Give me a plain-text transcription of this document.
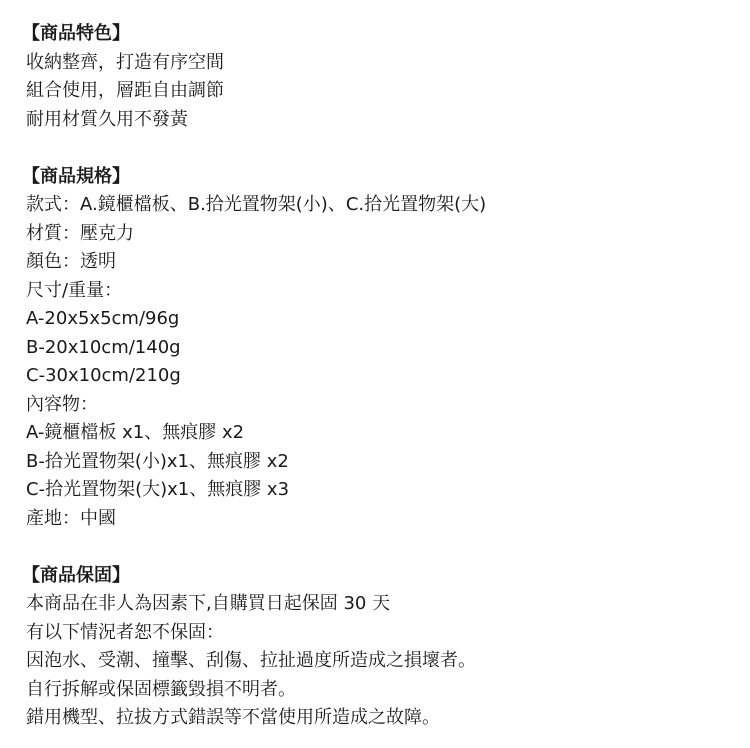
【商品特色】
收納整齊，打造有序空間
組合使用，層距自由調節
耐用材質久用不發黃
【商品規格】
款式：A.鏡櫃檔板、B.拾光置物架(小)、C.拾光置物架(大)
材質：壓克力
顏色：透明
尺寸/重量：
A-20x5x5cm/96g
B-20x10cm/140g
C-30x10cm/210g
內容物：
A-鏡櫃檔板 x1、無痕膠 x2
B-拾光置物架(小)x1、無痕膠 x2
C-拾光置物架(大)x1、無痕膠 x3
產地：中國
【商品保固】
本商品在非人為因素下,自購買日起保固 30 天
有以下情況者恕不保固：
因泡水、受潮、撞擊、刮傷、拉扯過度所造成之損壞者。
自行拆解或保固標籤毀損不明者。
錯用機型、拉拔方式錯誤等不當使用所造成之故障。
